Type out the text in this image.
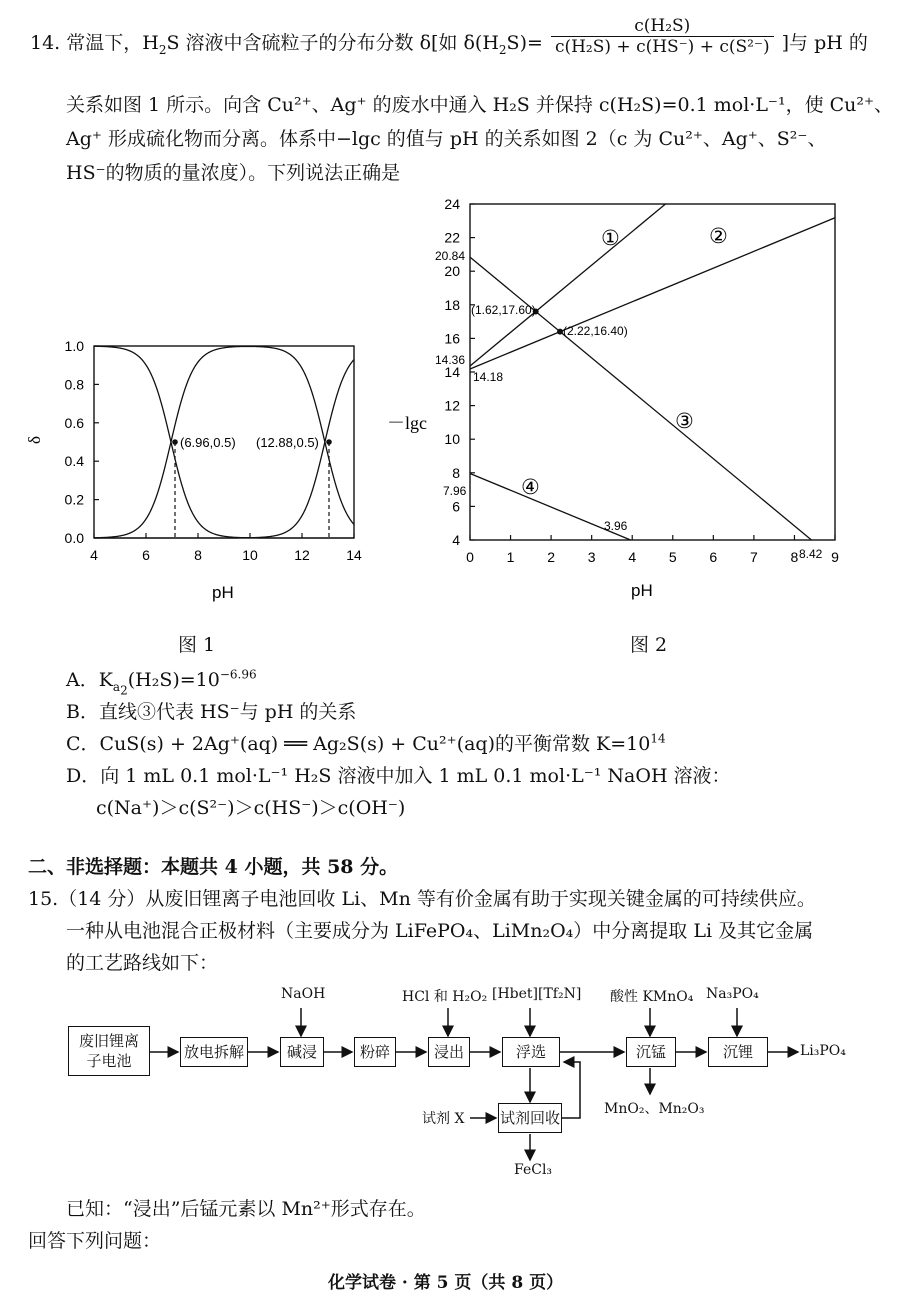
14. 常温下，$H_2S$ 溶液中含硫粒子的分布分数 δ[如 $\delta(H_2S)= \frac{\text{c(H₂S)}}{\text{c(H₂S) + c(HS⁻) + c(S²⁻)}}$ ]与 pH 的
关系如图 1 所示。向含 Cu²⁺、Ag⁺ 的废水中通入 H₂S 并保持 c(H₂S)=0.1 mol·L⁻¹，使 Cu²⁺、
Ag⁺ 形成硫化物而分离。体系中−lgc 的值与 pH 的关系如图 2（c 为 Cu²⁺、Ag⁺、S²⁻、
HS⁻的物质的量浓度）。下列说法正确是
4	6	8	10	12	14
0.0
0.2
0.4
0.6
0.8
1.0
(6.96,0.5) (12.88,0.5)
δ
pH
图 1
0 1 2 3 4 5 6 7 8 9
4
6
8
10
12
14
16
18
20
22
24
20.84
14.36
14.18
7.96
3.96
8.42
(1.62,17.60)
(2.22,16.40)
①	②
③
④
－lgc
pH
图 2
A．$K_{a_2}(H_2S)=10^{-6.96}$
B．直线③代表 HS⁻与 pH 的关系
C．CuS(s) + 2Ag⁺(aq) ══ Ag₂S(s) + Cu²⁺(aq)的平衡常数 $K=10^{14}$
D．向 1 mL 0.1 mol·L⁻¹ H₂S 溶液中加入 1 mL 0.1 mol·L⁻¹ NaOH 溶液：
c(Na⁺)＞c(S²⁻)＞c(HS⁻)＞c(OH⁻)
二、非选择题：本题共 4 小题，共 58 分。
15.（14 分）从废旧锂离子电池回收 Li、Mn 等有价金属有助于实现关键金属的可持续供应。
一种从电池混合正极材料（主要成分为 LiFePO₄、LiMn₂O₄）中分离提取 Li 及其它金属
的工艺路线如下：
废旧锂离子电池	放电拆解	碱浸	粉碎	浸出	浮选	沉锰	沉锂
试剂回收
NaOH	HCl 和 H₂O₂ [Hbet][Tf₂N] 酸性 KMnO₄ Na₃PO₄
Li₃PO₄
MnO₂、Mn₂O₃
试剂 X
FeCl₃
已知：“浸出”后锰元素以 Mn²⁺形式存在。
回答下列问题：
化学试卷 · 第 5 页（共 8 页）
